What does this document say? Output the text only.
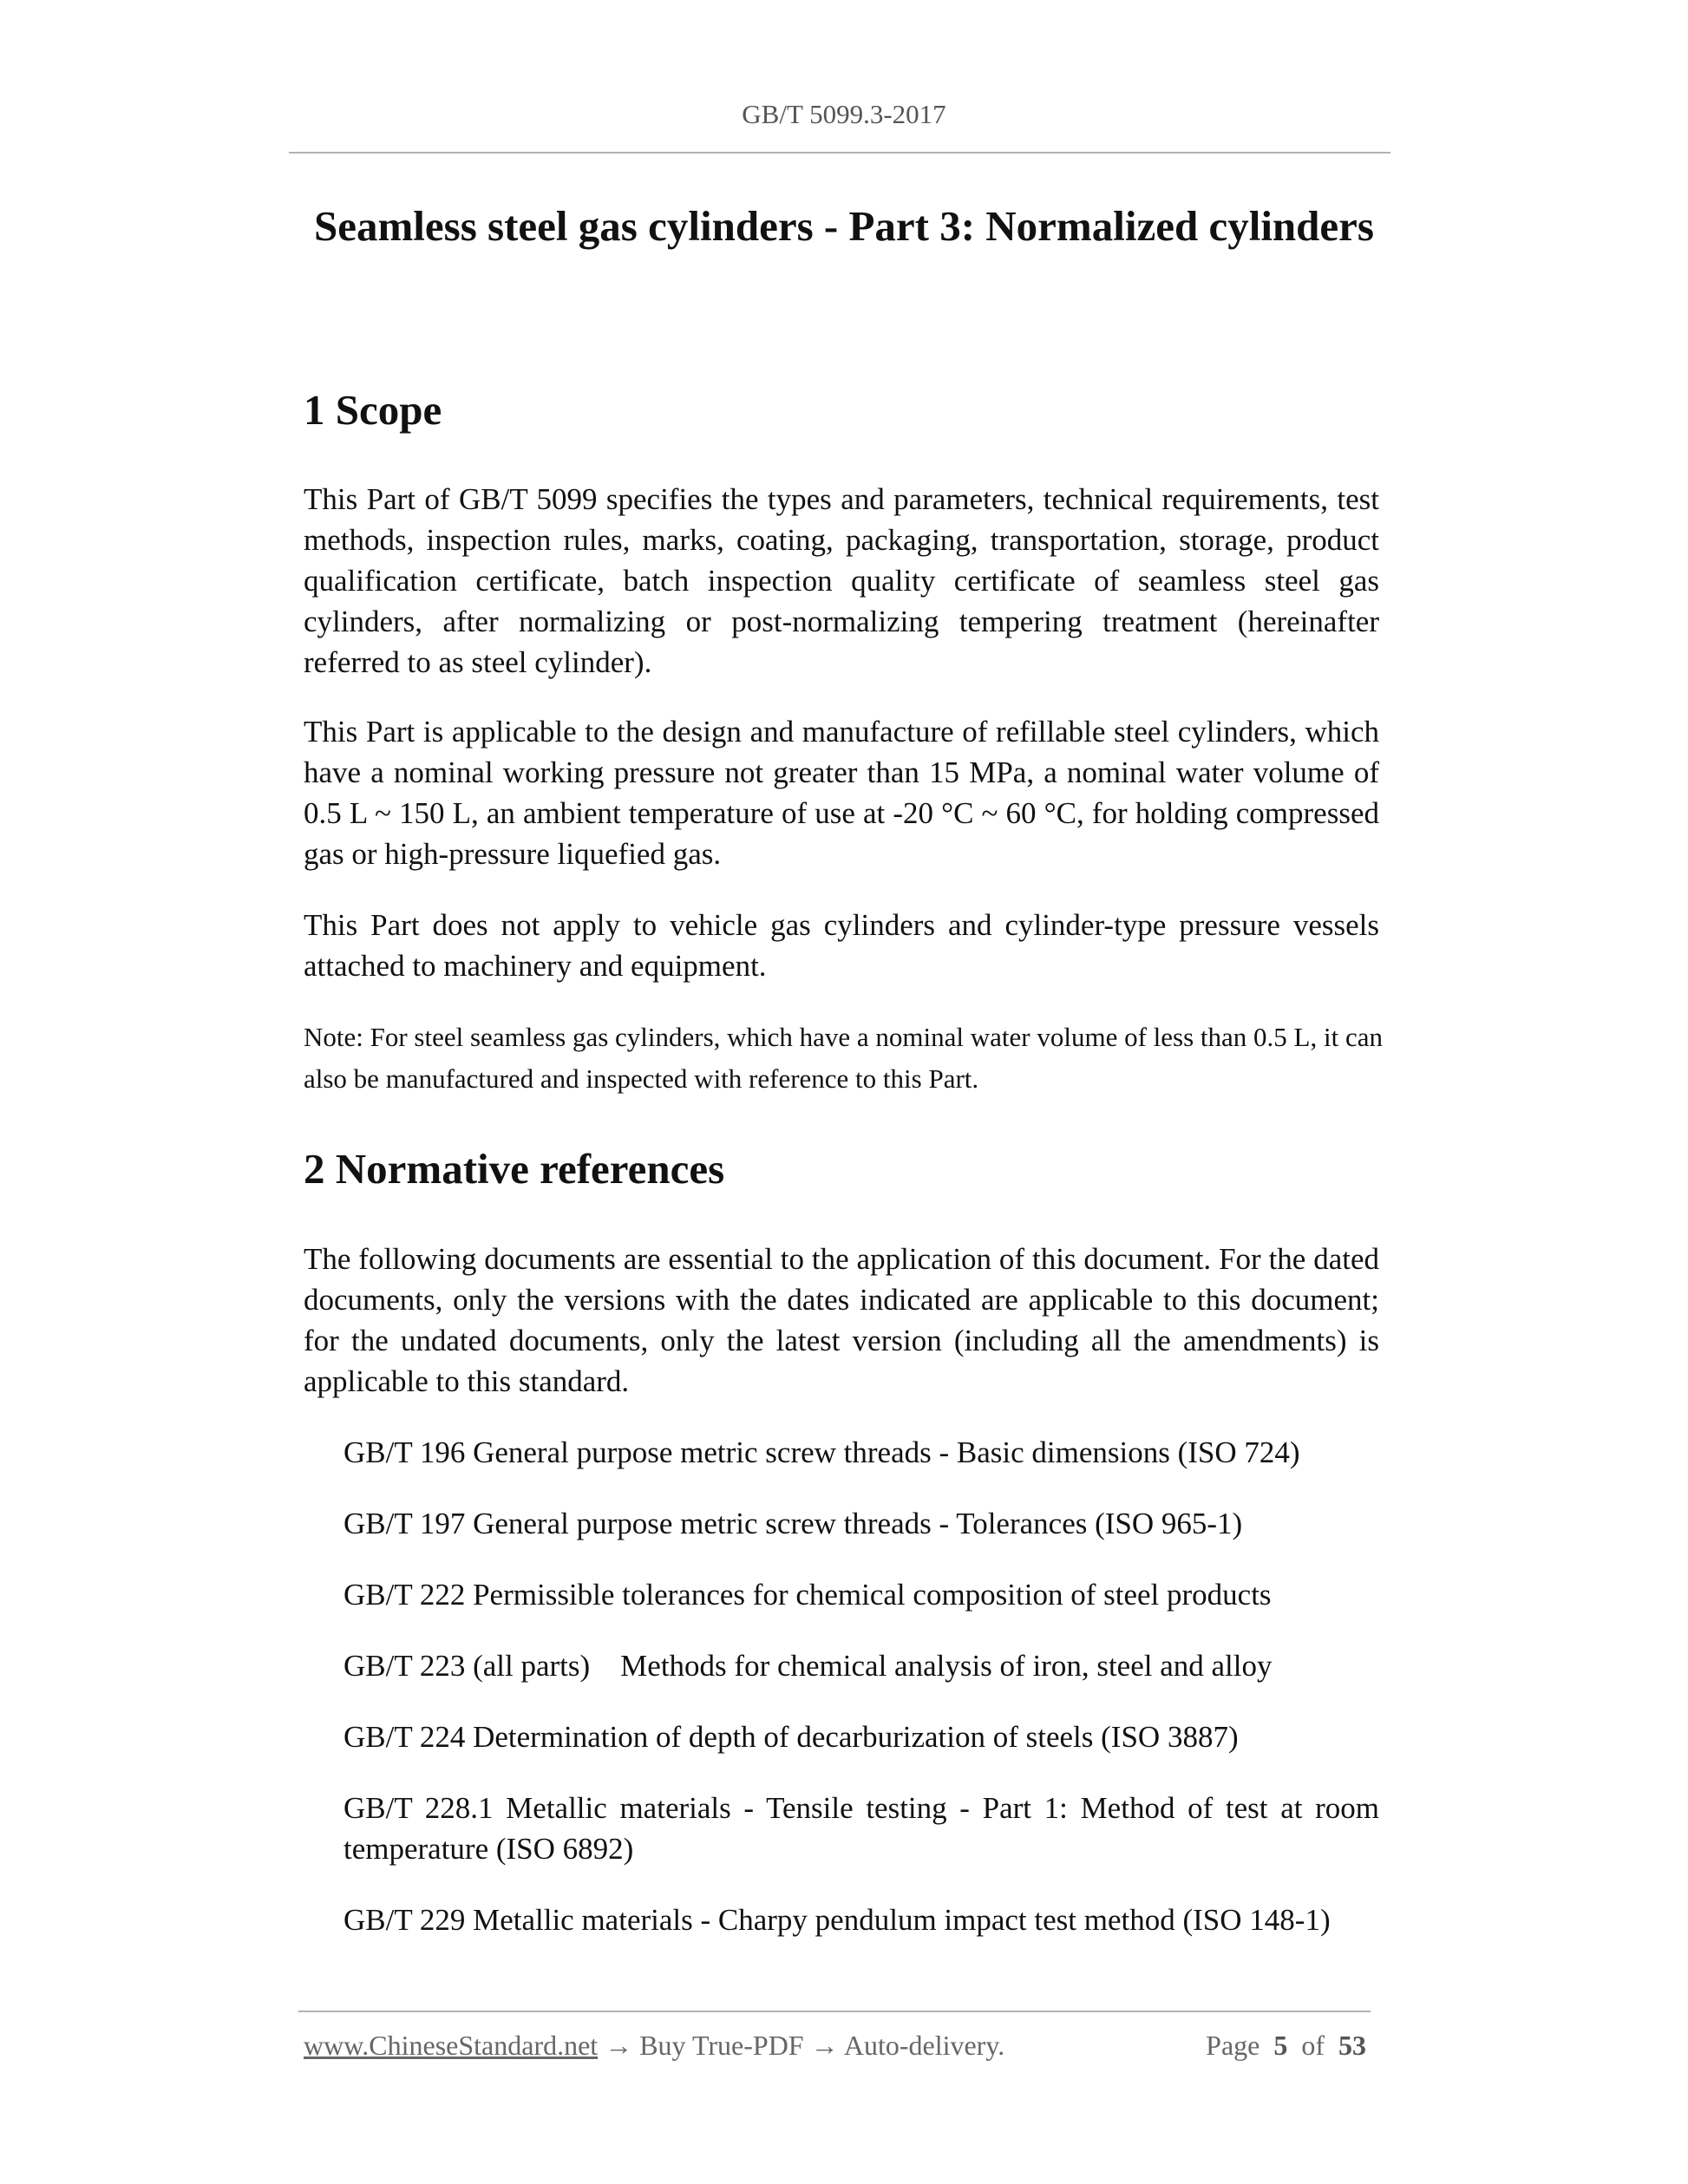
GB/T 5099.3-2017
Seamless steel gas cylinders - Part 3: Normalized cylinders
1 Scope

This Part of GB/T 5099 specifies the types and parameters, technical requirements, test methods, inspection rules, marks, coating, packaging, transportation, storage, product qualification certificate, batch inspection quality certificate of seamless steel gas cylinders, after normalizing or post-normalizing tempering treatment (hereinafter referred to as steel cylinder).

This Part is applicable to the design and manufacture of refillable steel cylinders, which have a nominal working pressure not greater than 15 MPa, a nominal water volume of 0.5 L ~ 150 L, an ambient temperature of use at -20 °C ~ 60 °C, for holding compressed gas or high-pressure liquefied gas.

This Part does not apply to vehicle gas cylinders and cylinder-type pressure vessels attached to machinery and equipment.

Note: For steel seamless gas cylinders, which have a nominal water volume of less than 0.5 L, it can also be manufactured and inspected with reference to this Part.

2 Normative references

The following documents are essential to the application of this document. For the dated documents, only the versions with the dates indicated are applicable to this document; for the undated documents, only the latest version (including all the amendments) is applicable to this standard.

GB/T 196 General purpose metric screw threads - Basic dimensions (ISO 724)

GB/T 197 General purpose metric screw threads - Tolerances (ISO 965-1)

GB/T 222 Permissible tolerances for chemical composition of steel products

GB/T 223 (all parts)    Methods for chemical analysis of iron, steel and alloy

GB/T 224 Determination of depth of decarburization of steels (ISO 3887)

GB/T 228.1 Metallic materials - Tensile testing - Part 1: Method of test at room temperature (ISO 6892)

GB/T 229 Metallic materials - Charpy pendulum impact test method (ISO 148-1)

www.ChineseStandard.net → Buy True-PDF → Auto-delivery.	Page 5 of 53
